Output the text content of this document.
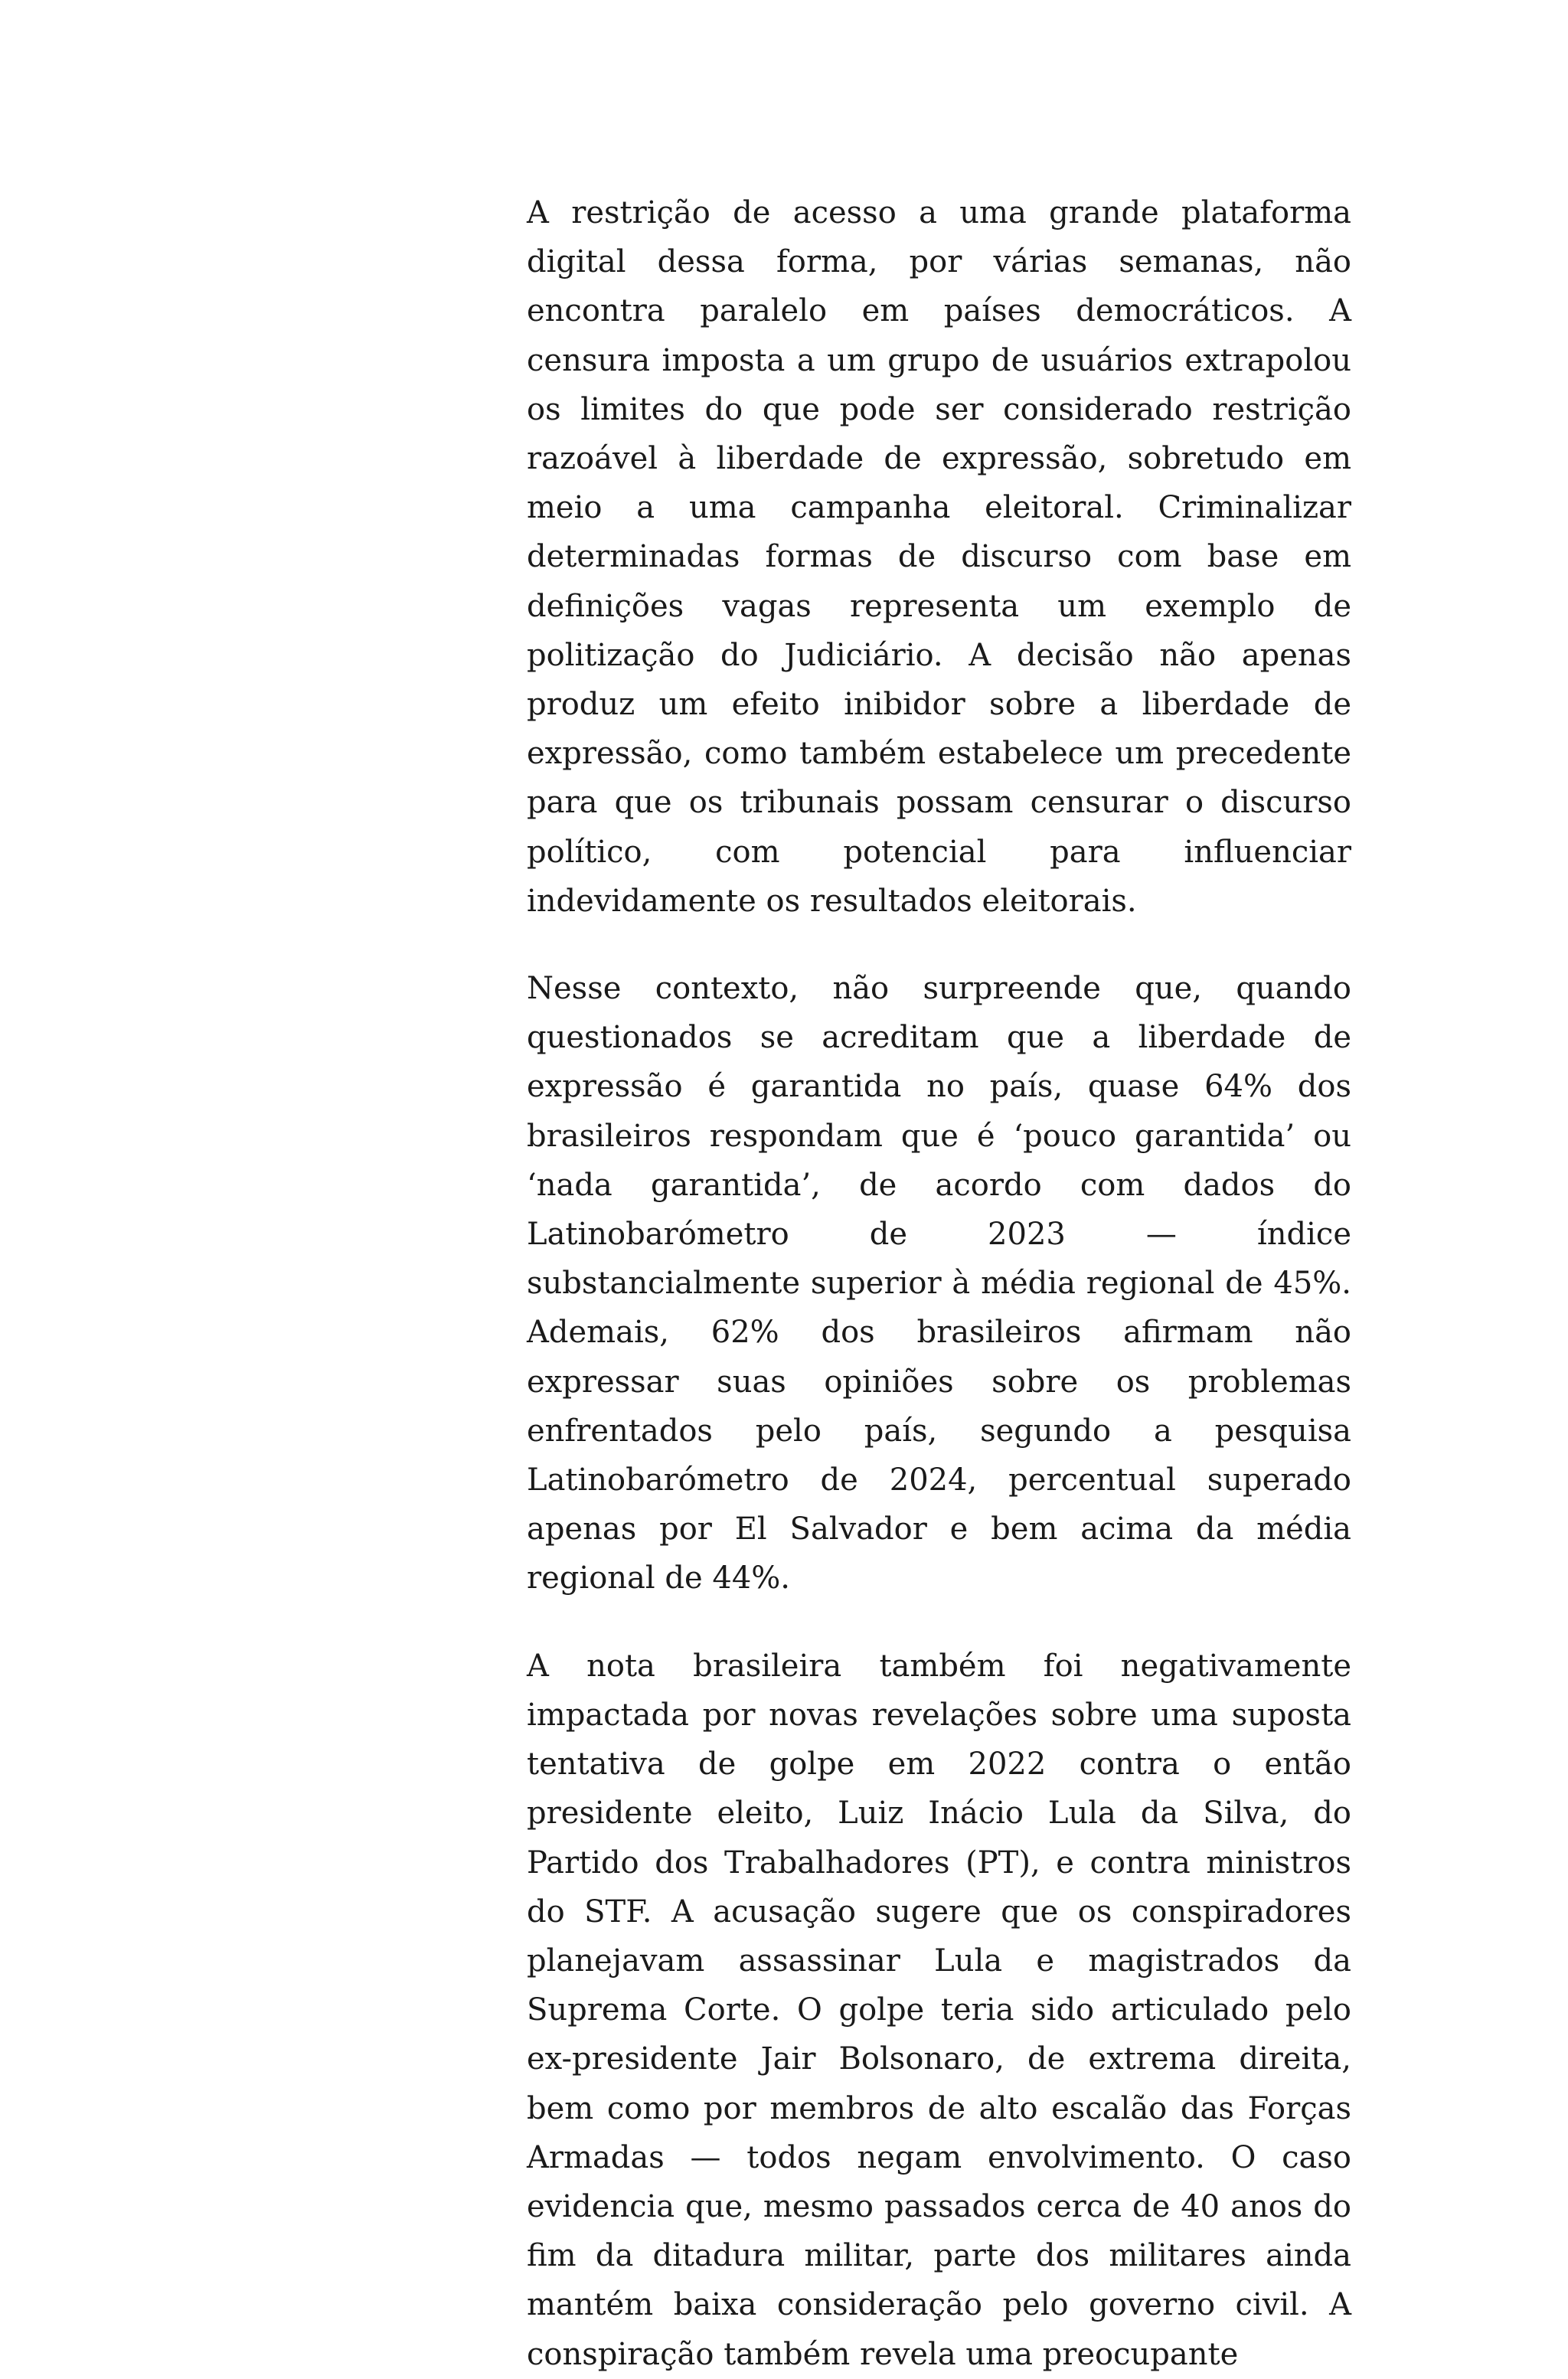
A restrição de acesso a uma grande plataforma digital dessa forma, por várias semanas, não encontra paralelo em países democráticos. A censura imposta a um grupo de usuários extrapolou os limites do que pode ser considerado restrição razoável à liberdade de expressão, sobretudo em meio a uma campanha eleitoral. Criminalizar determinadas formas de discurso com base em definições vagas representa um exemplo de politização do Judiciário. A decisão não apenas produz um efeito inibidor sobre a liberdade de expressão, como também estabelece um precedente para que os tribunais possam censurar o discurso político, com potencial para influenciar indevidamente os resultados eleitorais.

Nesse contexto, não surpreende que, quando questionados se acreditam que a liberdade de expressão é garantida no país, quase 64% dos brasileiros respondam que é ‘pouco garantida’ ou ‘nada garantida’, de acordo com dados do Latinobarómetro de 2023 — índice substancialmente superior à média regional de 45%. Ademais, 62% dos brasileiros afirmam não expressar suas opiniões sobre os problemas enfrentados pelo país, segundo a pesquisa Latinobarómetro de 2024, percentual superado apenas por El Salvador e bem acima da média regional de 44%.

A nota brasileira também foi negativamente impactada por novas revelações sobre uma suposta tentativa de golpe em 2022 contra o então presidente eleito, Luiz Inácio Lula da Silva, do Partido dos Trabalhadores (PT), e contra ministros do STF. A acusação sugere que os conspiradores planejavam assassinar Lula e magistrados da Suprema Corte. O golpe teria sido articulado pelo ex-presidente Jair Bolsonaro, de extrema direita, bem como por membros de alto escalão das Forças Armadas — todos negam envolvimento. O caso evidencia que, mesmo passados cerca de 40 anos do fim da ditadura militar, parte dos militares ainda mantém baixa consideração pelo governo civil. A conspiração também revela uma preocupante
